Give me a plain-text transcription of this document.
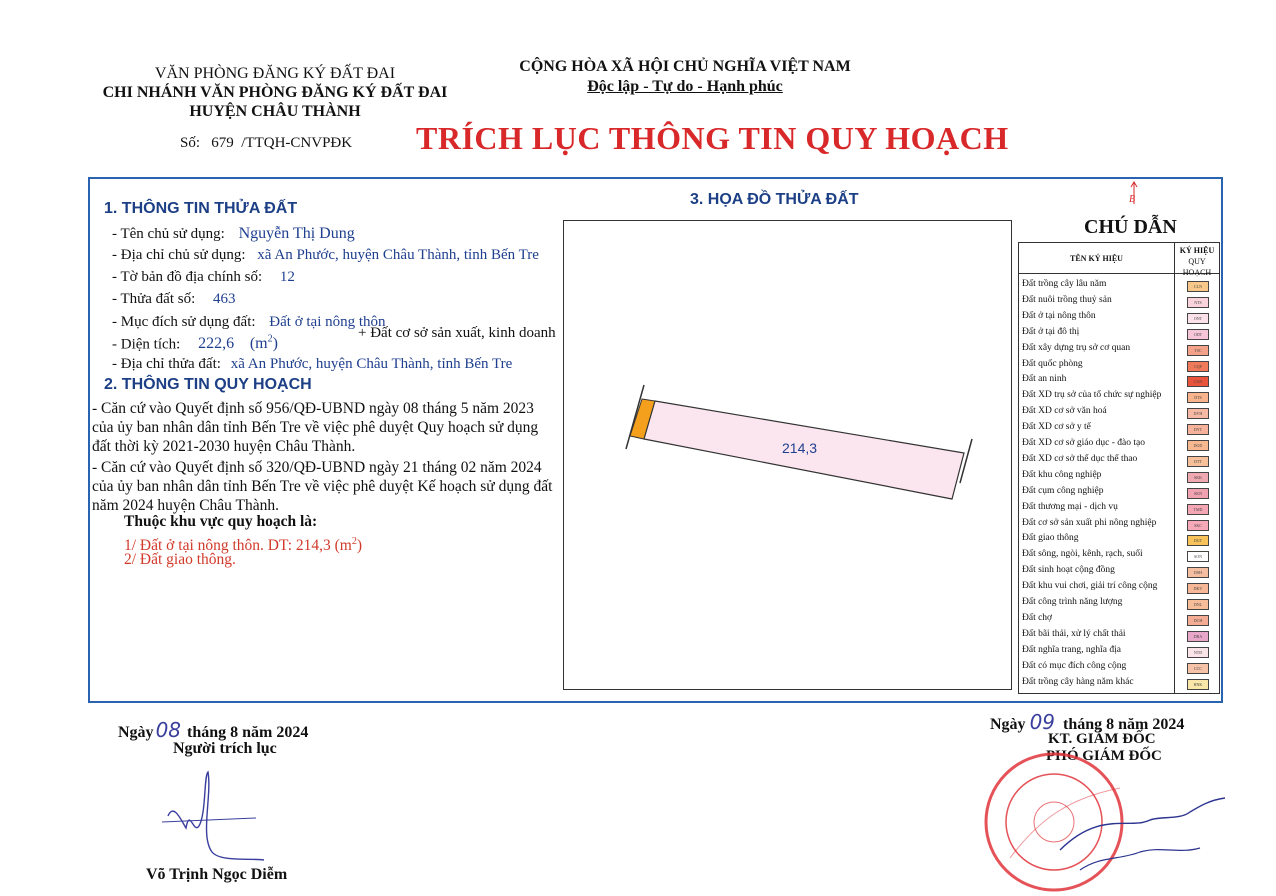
VĂN PHÒNG ĐĂNG KÝ ĐẤT ĐAI
CHI NHÁNH VĂN PHÒNG ĐĂNG KÝ ĐẤT ĐAI
HUYỆN CHÂU THÀNH
CỘNG HÒA XÃ HỘI CHỦ NGHĨA VIỆT NAM
Độc lập - Tự do - Hạnh phúc
Số: 679 /TTQH-CNVPĐK TRÍCH LỤC THÔNG TIN QUY HOẠCH
1. THÔNG TIN THỬA ĐẤT
- Tên chủ sử dụng: Nguyễn Thị Dung
- Địa chỉ chủ sử dụng: xã An Phước, huyện Châu Thành, tỉnh Bến Tre
- Tờ bản đồ địa chính số: 12
- Thửa đất số: 463
- Mục đích sử dụng đất: Đất ở tại nông thôn
+ Đất cơ sở sản xuất, kinh doanh
- Diện tích: 222,6 $(m^2)$
- Địa chỉ thửa đất: xã An Phước, huyện Châu Thành, tỉnh Bến Tre
2. THÔNG TIN QUY HOẠCH
- Căn cứ vào Quyết định số 956/QĐ-UBND ngày 08 tháng 5 năm 2023 của ủy ban nhân dân tỉnh Bến Tre về việc phê duyệt Quy hoạch sử dụng đất thời kỳ 2021-2030 huyện Châu Thành.
- Căn cứ vào Quyết định số 320/QĐ-UBND ngày 21 tháng 02 năm 2024 của ủy ban nhân dân tỉnh Bến Tre về việc phê duyệt Kế hoạch sử dụng đất năm 2024 huyện Châu Thành.
Thuộc khu vực quy hoạch là:
1/ Đất ở tại nông thôn. DT: 214,3 $(m^2)$
2/ Đất giao thông.
3. HỌA ĐỒ THỬA ĐẤT
214,3
B
CHÚ DẪN
TÊN KÝ HIỆU
KÝ HIỆU
QUY HOẠCH
Đất trồng cây lâu năm	CLN
Đất nuôi trồng thuỷ sản	NTS
Đất ở tại nông thôn	ONT
Đất ở tại đô thị	ODT
Đất xây dựng trụ sở cơ quan	TSC
Đất quốc phòng	CQP
Đất an ninh	CAN
Đất XD trụ sở của tổ chức sự nghiệp	DTS
Đất XD cơ sở văn hoá	DVH
Đất XD cơ sở y tế	DYT
Đất XD cơ sở giáo dục - đào tạo	DGD
Đất XD cơ sở thể dục thể thao	DTT
Đất khu công nghiệp	SKK
Đất cụm công nghiệp	SKN
Đất thương mại - dịch vụ	TMD
Đất cơ sở sản xuất phi nông nghiệp	SKC
Đất giao thông	DGT
Đất sông, ngòi, kênh, rạch, suối	SON
Đất sinh hoạt cộng đồng	DSH
Đất khu vui chơi, giải trí công cộng	DKV
Đất công trình năng lượng	DNL
Đất chợ	DCH
Đất bãi thải, xử lý chất thải	DRA
Đất nghĩa trang, nghĩa địa	NTD
Đất có mục đích công cộng	CCC
Đất trồng cây hàng năm khác	HNK
Ngày 08 tháng 8 năm 2024
Người trích lục
Võ Trịnh Ngọc Diễm
Ngày 09 tháng 8 năm 2024
KT. GIÁM ĐỐC
PHÓ GIÁM ĐỐC
